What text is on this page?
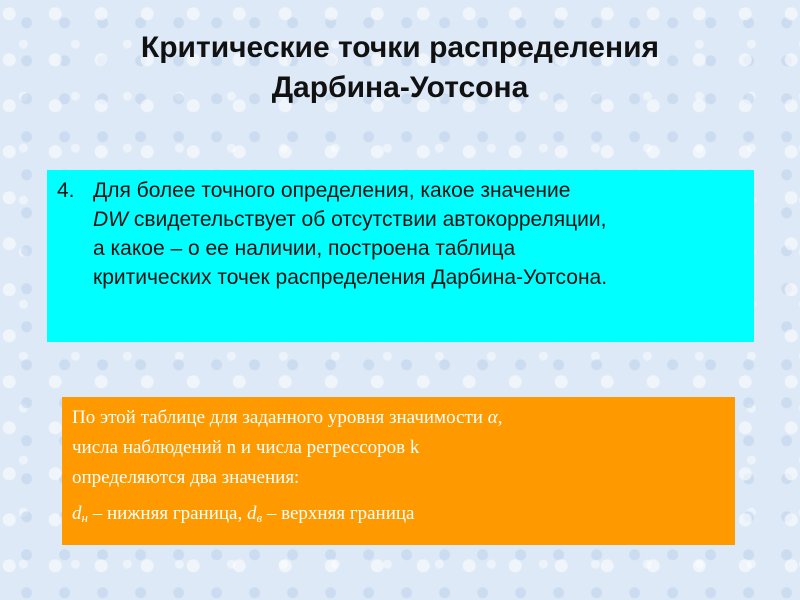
Критические точки распределения
Дарбина-Уотсона
4. Для более точного определения, какое значение

DW свидетельствует об отсутствии автокорреляции,

а какое – о ее наличии, построена таблица

критических точек распределения Дарбина-Уотсона.

По этой таблице для заданного уровня значимости α,

числа наблюдений n и числа регрессоров k

определяются два значения:

$d_н$ – нижняя граница, $d_в$ – верхняя граница
